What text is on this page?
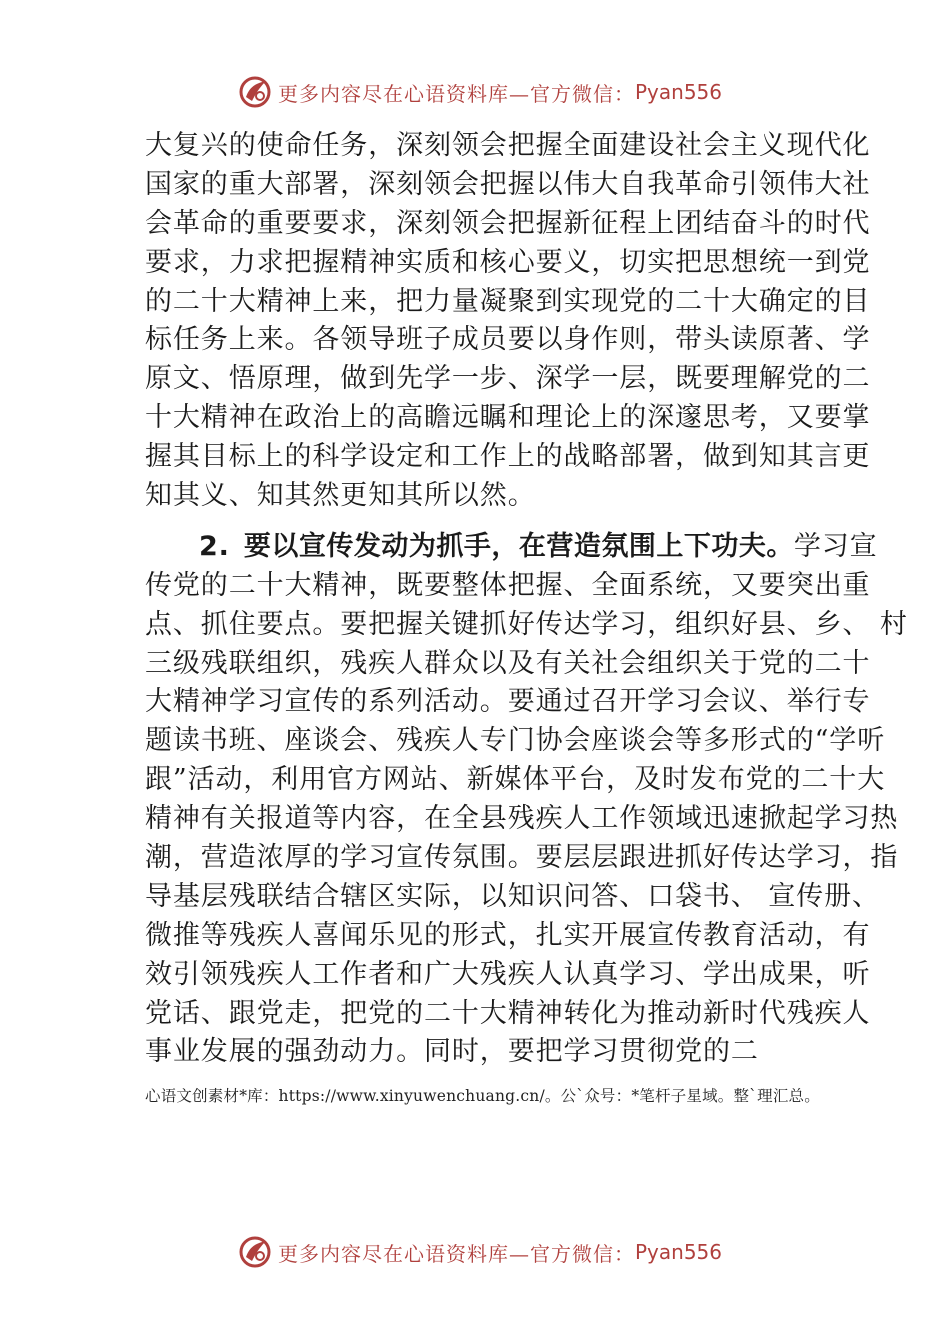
更多内容尽在心语资料库—官方微信： Pyan556
大复兴的使命任务，深刻领会把握全面建设社会主义现代化
国家的重大部署，深刻领会把握以伟大自我革命引领伟大社
会革命的重要要求，深刻领会把握新征程上团结奋斗的时代
要求，力求把握精神实质和核心要义，切实把思想统一到党
的二十大精神上来，把力量凝聚到实现党的二十大确定的目
标任务上来。各领导班子成员要以身作则，带头读原著、学
原文、悟原理，做到先学一步、深学一层，既要理解党的二
十大精神在政治上的高瞻远瞩和理论上的深邃思考，又要掌
握其目标上的科学设定和工作上的战略部署，做到知其言更
知其义、知其然更知其所以然。
2. 要以宣传发动为抓手，在营造氛围上下功夫。学习宣
传党的二十大精神，既要整体把握、全面系统，又要突出重
点、抓住要点。要把握关键抓好传达学习，组织好县、乡、 村
三级残联组织，残疾人群众以及有关社会组织关于党的二十
大精神学习宣传的系列活动。要通过召开学习会议、举行专
题读书班、座谈会、残疾人专门协会座谈会等多形式的“学听
跟”活动，利用官方网站、新媒体平台，及时发布党的二十大
精神有关报道等内容，在全县残疾人工作领域迅速掀起学习热
潮，营造浓厚的学习宣传氛围。要层层跟进抓好传达学习，指
导基层残联结合辖区实际，以知识问答、口袋书、 宣传册、
微推等残疾人喜闻乐见的形式，扎实开展宣传教育活动，有
效引领残疾人工作者和广大残疾人认真学习、学出成果，听
党话、跟党走，把党的二十大精神转化为推动新时代残疾人
事业发展的强劲动力。同时，要把学习贯彻党的二
心语文创素材*库：https://www.xinyuwenchuang.cn/。公`众号：*笔杆子星域。整`理汇总。
更多内容尽在心语资料库—官方微信： Pyan556
